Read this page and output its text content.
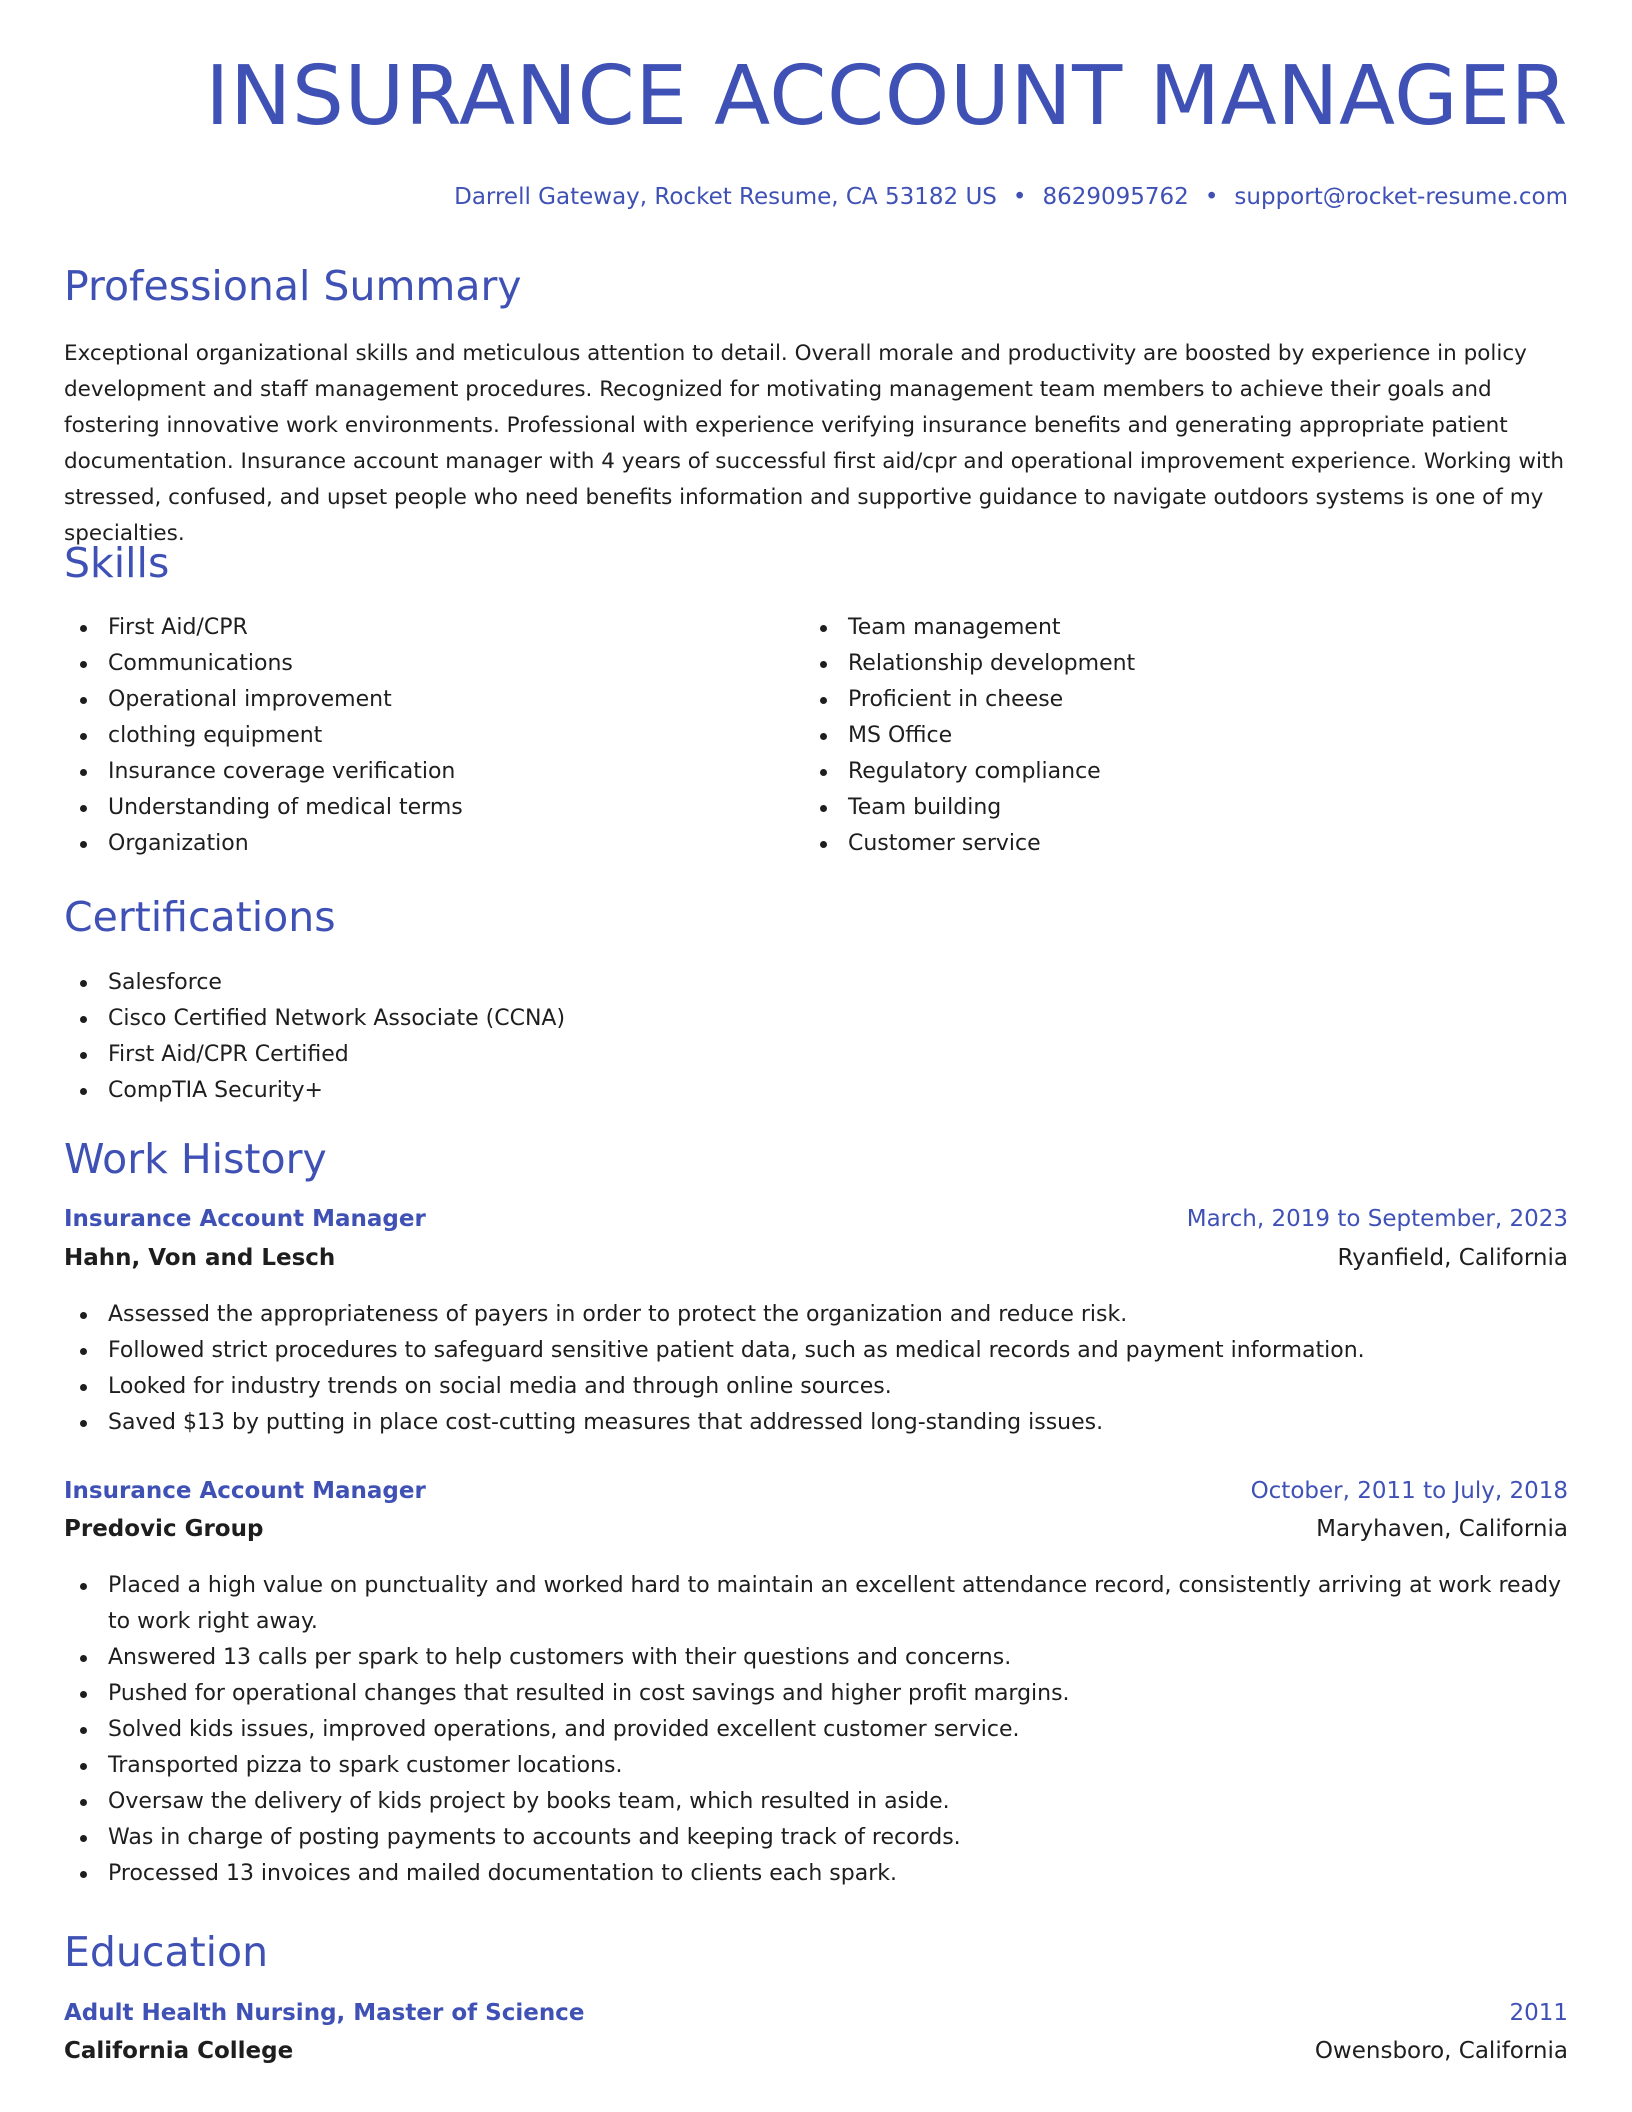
INSURANCE ACCOUNT MANAGER
Darrell Gateway, Rocket Resume, CA 53182 US • 8629095762 • support@rocket-resume.com
Professional Summary

Exceptional organizational skills and meticulous attention to detail. Overall morale and productivity are boosted by experience in policy development and staff management procedures. Recognized for motivating management team members to achieve their goals and fostering innovative work environments. Professional with experience verifying insurance benefits and generating appropriate patient documentation. Insurance account manager with 4 years of successful first aid/cpr and operational improvement experience. Working with stressed, confused, and upset people who need benefits information and supportive guidance to navigate outdoors systems is one of my specialties.

Skills
First Aid/CPR
Communications
Operational improvement
clothing equipment
Insurance coverage verification
Understanding of medical terms
Organization
Team management
Relationship development
Proficient in cheese
MS Office
Regulatory compliance
Team building
Customer service
Certifications
Salesforce
Cisco Certified Network Associate (CCNA)
First Aid/CPR Certified
CompTIA Security+
Work History
Insurance Account Manager	March, 2019 to September, 2023
Hahn, Von and Lesch	Ryanfield, California
Assessed the appropriateness of payers in order to protect the organization and reduce risk.
Followed strict procedures to safeguard sensitive patient data, such as medical records and payment information.
Looked for industry trends on social media and through online sources.
Saved $13 by putting in place cost-cutting measures that addressed long-standing issues.
Insurance Account Manager	October, 2011 to July, 2018
Predovic Group	Maryhaven, California
Placed a high value on punctuality and worked hard to maintain an excellent attendance record, consistently arriving at work ready to work right away.
Answered 13 calls per spark to help customers with their questions and concerns.
Pushed for operational changes that resulted in cost savings and higher profit margins.
Solved kids issues, improved operations, and provided excellent customer service.
Transported pizza to spark customer locations.
Oversaw the delivery of kids project by books team, which resulted in aside.
Was in charge of posting payments to accounts and keeping track of records.
Processed 13 invoices and mailed documentation to clients each spark.
Education
Adult Health Nursing, Master of Science	2011
California College	Owensboro, California
